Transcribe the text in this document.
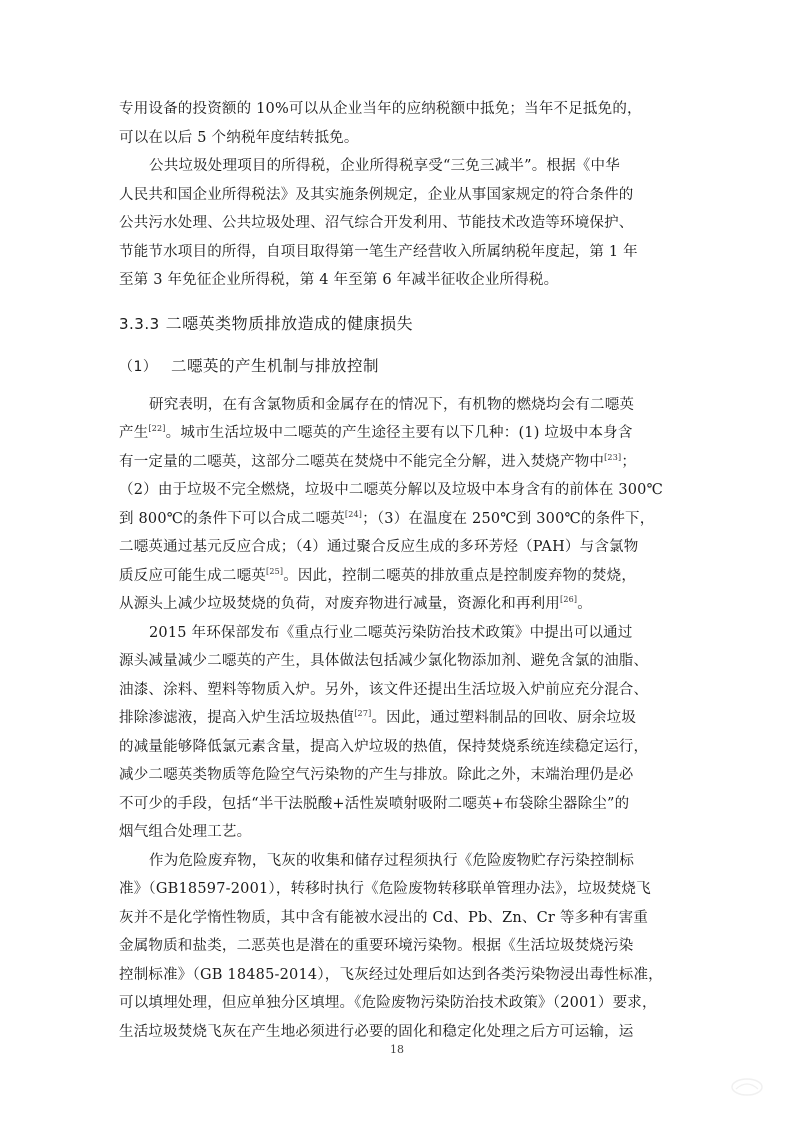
专用设备的投资额的 10%可以从企业当年的应纳税额中抵免；当年不足抵免的，
可以在以后 5 个纳税年度结转抵免。
公共垃圾处理项目的所得税，企业所得税享受“三免三减半”。根据《中华
人民共和国企业所得税法》及其实施条例规定，企业从事国家规定的符合条件的
公共污水处理、公共垃圾处理、沼气综合开发利用、节能技术改造等环境保护、
节能节水项目的所得，自项目取得第一笔生产经营收入所属纳税年度起，第 1 年
至第 3 年免征企业所得税，第 4 年至第 6 年减半征收企业所得税。
3.3.3 二噁英类物质排放造成的健康损失
（1） 二噁英的产生机制与排放控制
研究表明，在有含氯物质和金属存在的情况下，有机物的燃烧均会有二噁英
产生[22]。城市生活垃圾中二噁英的产生途径主要有以下几种：(1) 垃圾中本身含
有一定量的二噁英，这部分二噁英在焚烧中不能完全分解，进入焚烧产物中[23]；
（2）由于垃圾不完全燃烧，垃圾中二噁英分解以及垃圾中本身含有的前体在 300℃
到 800℃的条件下可以合成二噁英[24]；（3）在温度在 250℃到 300℃的条件下，
二噁英通过基元反应合成；（4）通过聚合反应生成的多环芳烃（PAH）与含氯物
质反应可能生成二噁英[25]。因此，控制二噁英的排放重点是控制废弃物的焚烧，
从源头上减少垃圾焚烧的负荷，对废弃物进行减量，资源化和再利用[26]。
2015 年环保部发布《重点行业二噁英污染防治技术政策》中提出可以通过
源头减量减少二噁英的产生，具体做法包括减少氯化物添加剂、避免含氯的油脂、
油漆、涂料、塑料等物质入炉。另外，该文件还提出生活垃圾入炉前应充分混合、
排除渗滤液，提高入炉生活垃圾热值[27]。因此，通过塑料制品的回收、厨余垃圾
的减量能够降低氯元素含量，提高入炉垃圾的热值，保持焚烧系统连续稳定运行，
减少二噁英类物质等危险空气污染物的产生与排放。除此之外，末端治理仍是必
不可少的手段，包括“半干法脱酸+活性炭喷射吸附二噁英+布袋除尘器除尘”的
烟气组合处理工艺。
作为危险废弃物，飞灰的收集和储存过程须执行《危险废物贮存污染控制标
准》（GB18597-2001），转移时执行《危险废物转移联单管理办法》，垃圾焚烧飞
灰并不是化学惰性物质，其中含有能被水浸出的 Cd、Pb、Zn、Cr 等多种有害重
金属物质和盐类，二恶英也是潜在的重要环境污染物。根据《生活垃圾焚烧污染
控制标准》（GB 18485-2014），飞灰经过处理后如达到各类污染物浸出毒性标准，
可以填埋处理，但应单独分区填埋。《危险废物污染防治技术政策》（2001）要求，
生活垃圾焚烧飞灰在产生地必须进行必要的固化和稳定化处理之后方可运输，运
18
